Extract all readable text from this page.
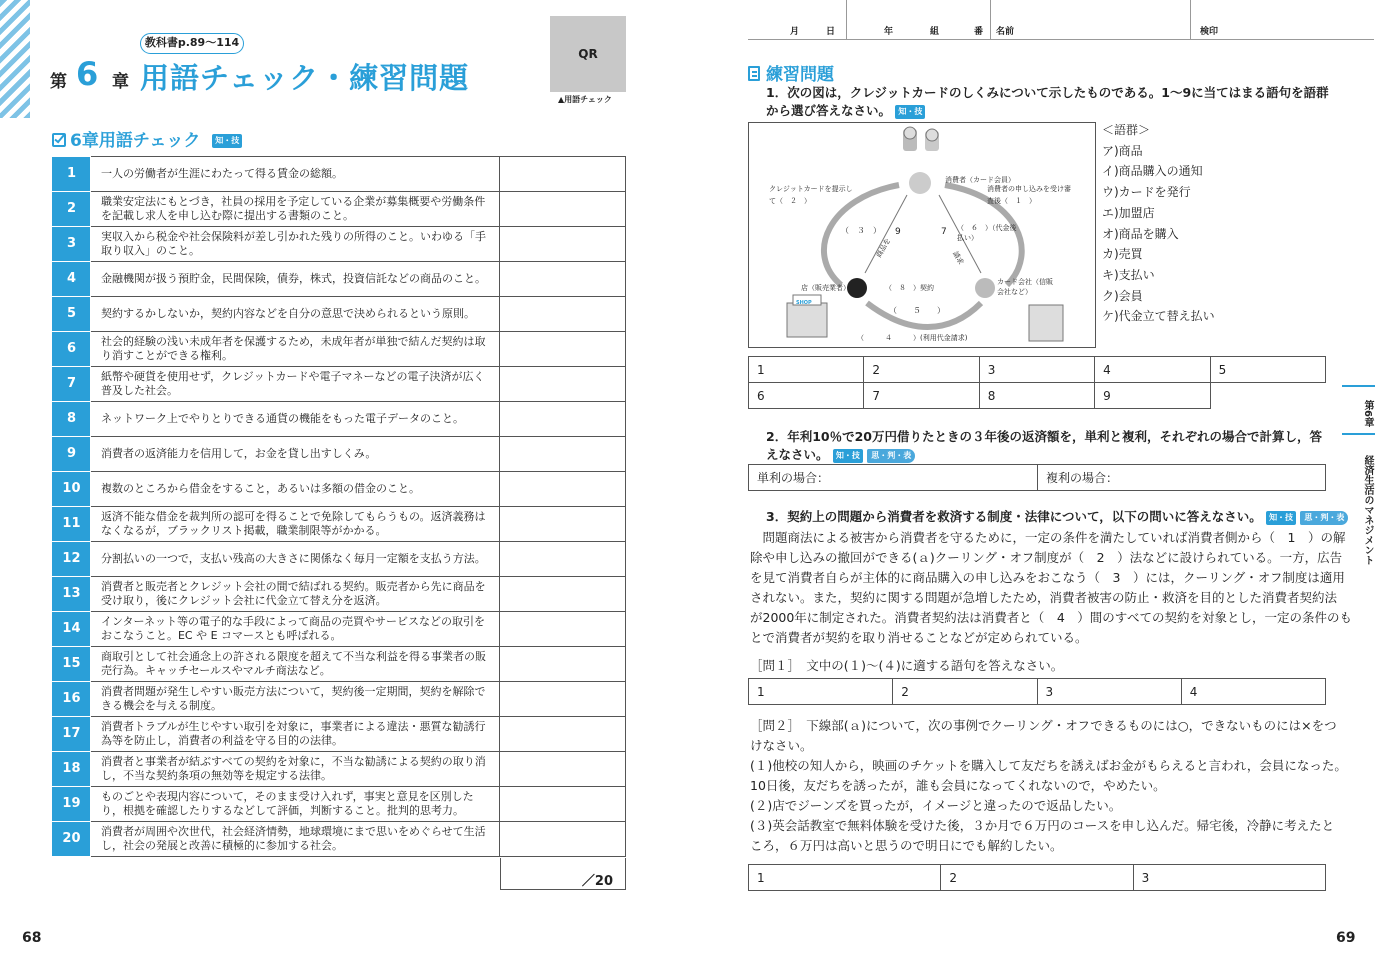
教科書p.89～114
第 6 章 用語チェック・練習問題
QR
▲用語チェック
6章用語チェック 知・技
1	一人の労働者が生涯にわたって得る賃金の総額。	
2	職業安定法にもとづき，社員の採用を予定している企業が募集概要や労働条件を記載し求人を申し込む際に提出する書類のこと。	
3	実収入から税金や社会保険料が差し引かれた残りの所得のこと。いわゆる「手取り収入」のこと。	
4	金融機関が扱う預貯金，民間保険，債券，株式，投資信託などの商品のこと。	
5	契約するかしないか，契約内容などを自分の意思で決められるという原則。	
6	社会的経験の浅い未成年者を保護するため，未成年者が単独で結んだ契約は取り消すことができる権利。	
7	紙幣や硬貨を使用せず，クレジットカードや電子マネーなどの電子決済が広く普及した社会。	
8	ネットワーク上でやりとりできる通貨の機能をもった電子データのこと。	
9	消費者の返済能力を信用して，お金を貸し出すしくみ。	
10	複数のところから借金をすること，あるいは多額の借金のこと。	
11	返済不能な借金を裁判所の認可を得ることで免除してもらうもの。返済義務はなくなるが，ブラックリスト掲載，職業制限等がかかる。	
12	分割払いの一つで，支払い残高の大きさに関係なく毎月一定額を支払う方法。	
13	消費者と販売者とクレジット会社の間で結ばれる契約。販売者から先に商品を受け取り，後にクレジット会社に代金立て替え分を返済。	
14	インターネット等の電子的な手段によって商品の売買やサービスなどの取引をおこなうこと。EC や E コマースとも呼ばれる。	
15	商取引として社会通念上の許される限度を超えて不当な利益を得る事業者の販売行為。キャッチセールスやマルチ商法など。	
16	消費者問題が発生しやすい販売方法について，契約後一定期間，契約を解除できる機会を与える制度。	
17	消費者トラブルが生じやすい取引を対象に，事業者による違法・悪質な勧誘行為等を防止し，消費者の利益を守る目的の法律。	
18	消費者と事業者が結ぶすべての契約を対象に，不当な勧誘による契約の取り消し，不当な契約条項の無効等を規定する法律。	
19	ものごとや表現内容について，そのまま受け入れず，事実と意見を区別したり，根拠を確認したりするなどして評価，判断すること。批判的思考力。	
20	消費者が周囲や次世代，社会経済情勢，地球環境にまで思いをめぐらせて生活し，社会の発展と改善に積極的に参加する社会。	
／20
68
月	日	年	組	番 名前	検印
練習問題
1．次の図は，クレジットカードのしくみについて示したものである。1～9に当てはまる語句を語群から選び答えなさい。 知・技
消費者（カード会員）
クレジットカードを提示して（　２　）
消費者の申し込みを受け審査後（　１　）
（　３　） 9	7 （　６　）（代金後払い）
店（販売業者）
カード会社（信販会社など）
（　８　）契約
（　　５　　）
（　　　４　　　）(利用代金請求)
SHOP
商品を	請求
＜語群＞
ア)商品
イ)商品購入の通知
ウ)カードを発行
エ)加盟店
オ)商品を購入
カ)売買
キ)支払い
ク)会員
ケ)代金立て替え払い
1	2	3	4	5
6	7	8	9	
2．年利10％で20万円借りたときの３年後の返済額を，単利と複利，それぞれの場合で計算し，答えなさい。 知・技 思・判・表
単利の場合：	複利の場合：
3．契約上の問題から消費者を救済する制度・法律について，以下の問いに答えなさい。 知・技 思・判・表
　問題商法による被害から消費者を守るために，一定の条件を満たしていれば消費者側から（　1　）の解
除や申し込みの撤回ができる(ａ)クーリング・オフ制度が（　2　）法などに設けられている。一方，広告
を見て消費者自らが主体的に商品購入の申し込みをおこなう（　3　）には，クーリング・オフ制度は適用
されない。また，契約に関する問題が急増したため，消費者被害の防止・救済を目的とした消費者契約法
が2000年に制定された。消費者契約法は消費者と（　4　）間のすべての契約を対象とし，一定の条件のも
とで消費者が契約を取り消せることなどが定められている。
［問１］　文中の(１)～(４)に適する語句を答えなさい。
1	2	3	4
［問２］　下線部(ａ)について，次の事例でクーリング・オフできるものには○，できないものには×をつ
けなさい。
(１)他校の知人から，映画のチケットを購入して友だちを誘えばお金がもらえると言われ，会員になった。
10日後，友だちを誘ったが，誰も会員になってくれないので，やめたい。
(２)店でジーンズを買ったが，イメージと違ったので返品したい。
(３)英会話教室で無料体験を受けた後，３か月で６万円のコースを申し込んだ。帰宅後，冷静に考えたと
ころ，６万円は高いと思うので明日にでも解約したい。
1	2	3
第6章
経済生活のマネジメント
69
